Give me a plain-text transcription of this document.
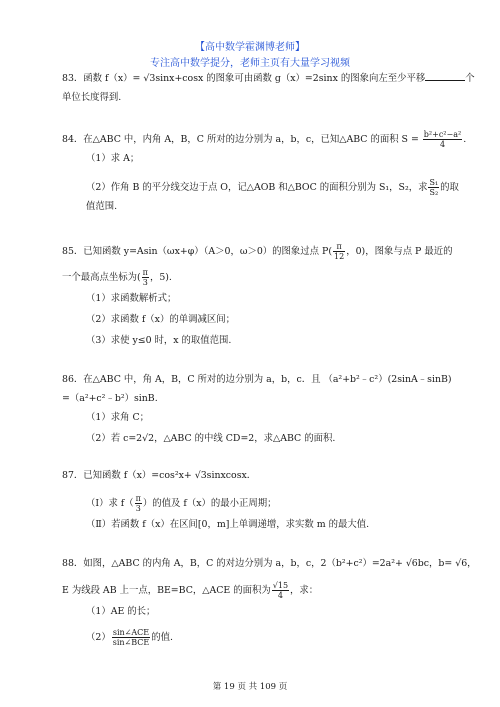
【高中数学霍渊博老师】
专注高中数学提分，老师主页有大量学习视频
83．函数 f（x）= √3sinx+cosx 的图象可由函数 g（x）=2sinx 的图象向左至少平移	个
单位长度得到.
84．在△ABC 中，内角 A，B，C 所对的边分别为 a，b，c，已知△ABC 的面积 $S = \frac{\text{b²+c²−a²}}{4}$ .
（1）求 A；
（2）作角 B 的平分线交边于点 O，记△AOB 和△BOC 的面积分别为 S₁，S₂，求 $\frac{\text{S₁}}{\text{S₂}}$ 的取
值范围.
85．已知函数 y=Asin（ωx+φ）（A＞0，ω＞0）的图象过点 $P( \frac{\pi}{12}$ ，0)，图象与点 P 最近的
一个最高点坐标为( $\frac{\pi}{3}$ ，5).
（1）求函数解析式；
（2）求函数 f（x）的单调减区间；
（3）求使 y≤0 时，x 的取值范围.
86．在△ABC 中，角 A，B，C 所对的边分别为 a，b，c．且 （a²+b²﹣c²）(2sinA﹣sinB)
=（a²+c²﹣b²）sinB.
（1）求角 C；
（2）若 c=2√2，△ABC 的中线 CD=2，求△ABC 的面积.
87．已知函数 f（x）=cos²x+ √3sinxcosx．
（Ⅰ）求 $f( \frac{\pi}{3}$ ）的值及 f（x）的最小正周期；
（Ⅱ）若函数 f（x）在区间[0，m]上单调递增，求实数 m 的最大值.
88．如图，△ABC 的内角 A，B，C 的对边分别为 a，b，c，2（b²+c²）=2a²+ √6bc，b= √6，
E 为线段 AB 上一点，BE=BC，△ACE 的面积为 $\frac{√15}{4}$ ，求：
（1）AE 的长；
$(2) \frac{\text{sin∠ACE}}{\text{sin∠BCE}}$ 的值.
第 19 页 共 109 页
